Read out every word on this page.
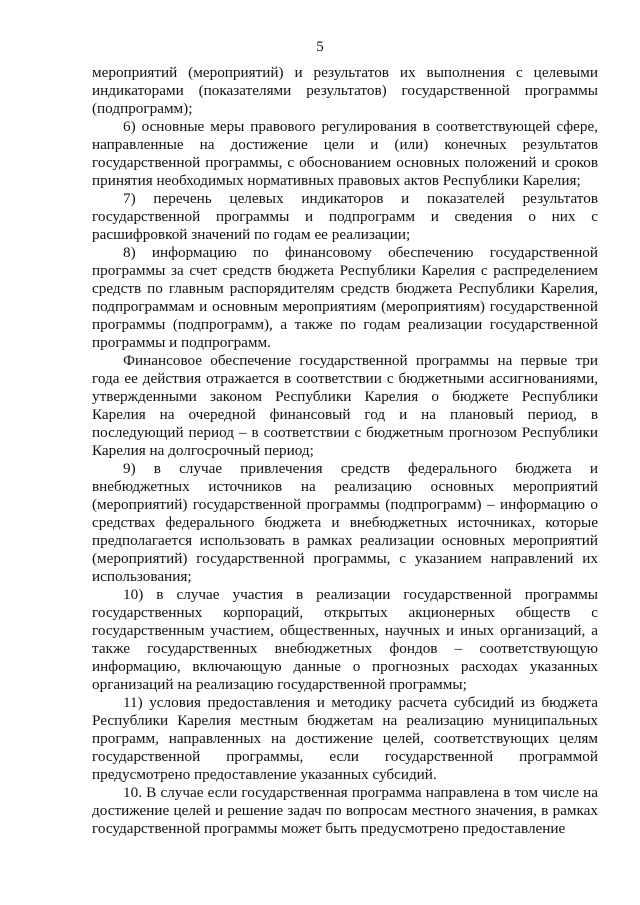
5

мероприятий (мероприятий) и результатов их выполнения с целевыми индикаторами (показателями результатов) государственной программы (подпрограмм);

6) основные меры правового регулирования в соответствующей сфере, направленные на достижение цели и (или) конечных результатов государственной программы, с обоснованием основных положений и сроков принятия необходимых нормативных правовых актов Республики Карелия;

7) перечень целевых индикаторов и показателей результатов государственной программы и подпрограмм и сведения о них с расшифровкой значений по годам ее реализации;

8) информацию по финансовому обеспечению государственной программы за счет средств бюджета Республики Карелия с распределением средств по главным распорядителям средств бюджета Республики Карелия, подпрограммам и основным мероприятиям (мероприятиям) государственной программы (подпрограмм), а также по годам реализации государственной программы и подпрограмм.

Финансовое обеспечение государственной программы на первые три года ее действия отражается в соответствии с бюджетными ассигнованиями, утвержденными законом Республики Карелия о бюджете Республики Карелия на очередной финансовый год и на плановый период, в последующий период – в соответствии с бюджетным прогнозом Республики Карелия на долгосрочный период;

9) в случае привлечения средств федерального бюджета и внебюджетных источников на реализацию основных мероприятий (мероприятий) государственной программы (подпрограмм) – информацию о средствах федерального бюджета и внебюджетных источниках, которые предполагается использовать в рамках реализации основных мероприятий (мероприятий) государственной программы, с указанием направлений их использования;

10) в случае участия в реализации государственной программы государственных корпораций, открытых акционерных обществ с государственным участием, общественных, научных и иных организаций, а также государственных внебюджетных фондов – соответствующую информацию, включающую данные о прогнозных расходах указанных организаций на реализацию государственной программы;

11) условия предоставления и методику расчета субсидий из бюджета Республики Карелия местным бюджетам на реализацию муниципальных программ, направленных на достижение целей, соответствующих целям государственной программы, если государственной программой предусмотрено предоставление указанных субсидий.

10. В случае если государственная программа направлена в том числе на достижение целей и решение задач по вопросам местного значения, в рамках государственной программы может быть предусмотрено предоставление
